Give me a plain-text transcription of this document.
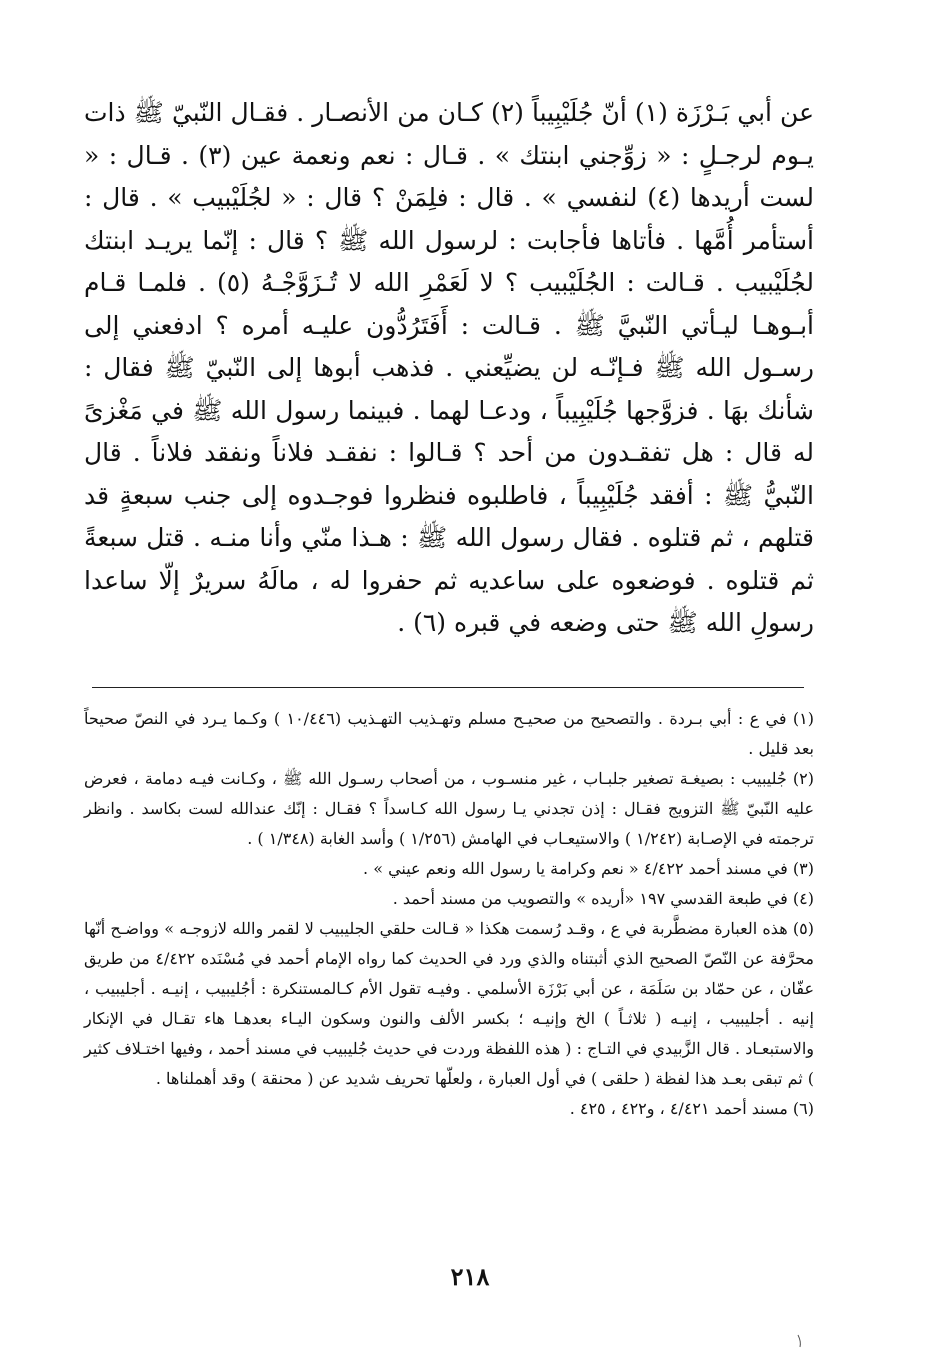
عن أبي بَـرْزَة (١) أنّ جُلَيْبِيباً (٢) كـان من الأنصـار . فقـال النّبيّ ﷺ ذات يـوم لرجـلٍ : « زوِّجني ابنتك » . قـال : نعم ونعمة عين (٣) . قـال : « لست أريدها (٤) لنفسي » . قال : فلِمَنْ ؟ قال : « لجُلَيْبيب » . قال : أستأمر أُمَّها . فأتاها فأجابت : لرسول الله ﷺ ؟ قال : إنّما يريـد ابنتك لجُلَيْبيب . قـالت : الجُلَيْبيب ؟ لا لَعَمْرِ الله لا تُـزَوَّجْـهُ (٥) . فلمـا قـام أبـوهـا ليـأتي النّبيَّ ﷺ . قـالت : أَفَتَرُدُّون عليـه أمره ؟ ادفعني إلى رسـول الله ﷺ فـإنّـه لن يضيِّعني . فذهب أبوها إلى النّبيّ ﷺ فقال : شأنك بهَا . فزوَّجها جُلَيْبِيباً ، ودعـا لهما . فبينما رسول الله ﷺ في مَغْزىً له قال : هل تفقـدون من أحد ؟ قـالوا : نفقـد فلاناً ونفقد فلاناً . قال النّبيُّ ﷺ : أفقد جُلَيْبِيباً ، فاطلبوه فنظروا فوجـدوه إلى جنب سبعةٍ قد قتلهم ، ثم قتلوه . فقال رسول الله ﷺ : هـذا منّي وأنا منـه . قتل سبعةً ثم قتلوه . فوضعوه على ساعديه ثم حفروا له ، مالَهُ سريرٌ إلّا ساعدا رسولِ الله ﷺ حتى وضعه في قبره (٦) .

(١) في ع : أبي بـردة . والتصحيح من صحيـح مسلم وتهـذيب التهـذيب (١٠/٤٤٦ ) وكـما يـرد في النصّ صحيحاً بعد قليل .

(٢) جُليبيب : بصيغـة تصغير جلبـاب ، غير منسـوب ، من أصحاب رسـول الله ﷺ ، وكـانت فيـه دمامة ، فعرض عليه النّبيّ ﷺ التزويج فقـال : إذن تجدني يـا رسول الله كـاسداً ؟ فقـال : إنّك عندالله لست بكاسد . وانظر ترجمته في الإصـابة (١/٢٤٢ ) والاستيعـاب في الهامش (١/٢٥٦ ) وأسد الغابة (١/٣٤٨ ) .

(٣) في مسند أحمد ٤/٤٢٢ « نعم وكرامة يا رسول الله ونعم عيني » .

(٤) في طبعة القدسي ١٩٧ «أريده » والتصويب من مسند أحمد .

(٥) هذه العبارة مضطَّربة في ع ، وقـد رُسمت هكذا « قـالت حلقي الجليبيب لا لقمر والله لازوجـه » وواضـح أنّها محرَّفة عن النّصّ الصحيح الذي أثبتناه والذي ورد في الحديث كما رواه الإمام أحمد في مُسْنَده ٤/٤٢٢ من طريق عفّان ، عن حمّاد بن سَلَمَة ، عن أبي بَرْزَة الأسلمي . وفيـه تقول الأم كـالمستنكرة : أجُليبيب ، إنيـه . أجليبيب ، إنيه . أجليبيب ، إنيـه ( ثلاثـاً ) الخ وإنيـه ؛ بكسر الألف والنون وسكون اليـاء بعدهـا هاء تقـال في الإنكار والاستبعـاد . قال الزَّبيدي في التـاج : ( هذه اللفظة وردت في حديث جُليبيب في مسند أحمد ، وفيها اختـلاف كثير ) ثم تبقى بعـد هذا لفظة ( حلقى ) في أول العبارة ، ولعلّها تحريف شديد عن ( محنقة ) وقد أهملناها .

(٦) مسند أحمد ٤/٤٢١ ، و٤٢٢ ، ٤٢٥ .

٢١٨
